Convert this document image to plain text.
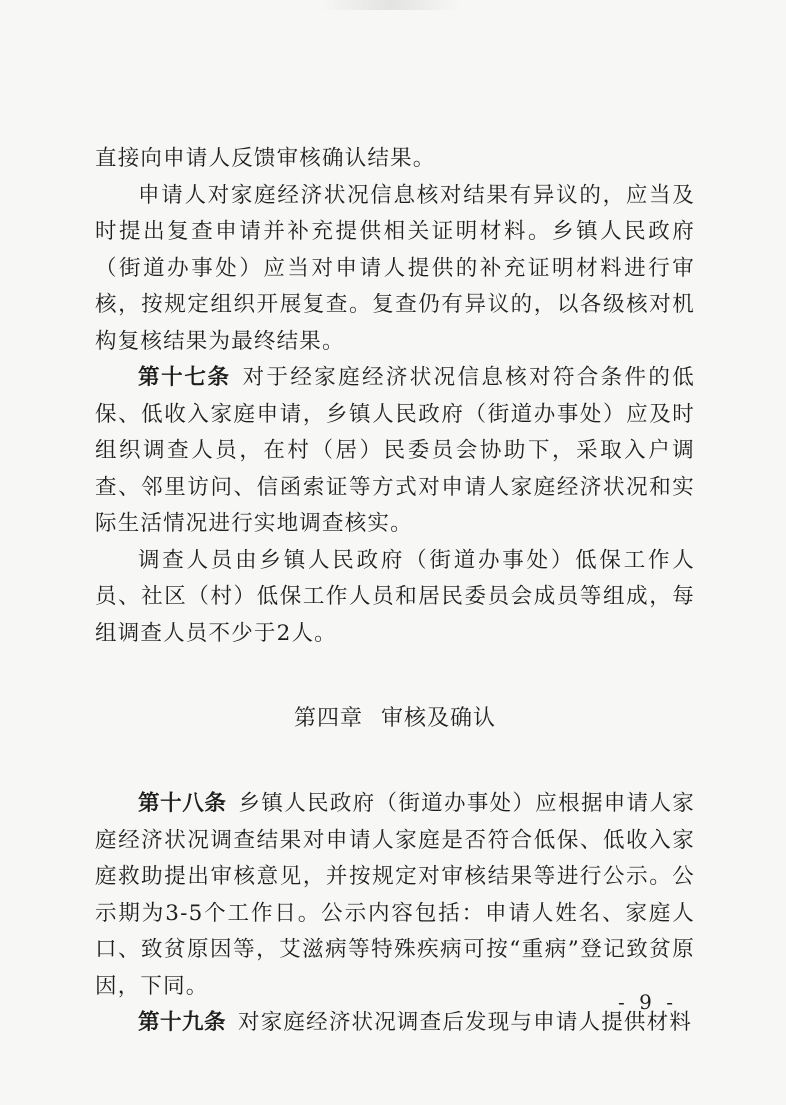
直接向申请人反馈审核确认结果。

申请人对家庭经济状况信息核对结果有异议的，应当及时提出复查申请并补充提供相关证明材料。乡镇人民政府（街道办事处）应当对申请人提供的补充证明材料进行审核，按规定组织开展复查。复查仍有异议的，以各级核对机构复核结果为最终结果。

第十七条 对于经家庭经济状况信息核对符合条件的低保、低收入家庭申请，乡镇人民政府（街道办事处）应及时组织调查人员，在村（居）民委员会协助下，采取入户调查、邻里访问、信函索证等方式对申请人家庭经济状况和实际生活情况进行实地调查核实。

调查人员由乡镇人民政府（街道办事处）低保工作人员、社区（村）低保工作人员和居民委员会成员等组成，每组调查人员不少于2人。

第四章 审核及确认

第十八条 乡镇人民政府（街道办事处）应根据申请人家庭经济状况调查结果对申请人家庭是否符合低保、低收入家庭救助提出审核意见，并按规定对审核结果等进行公示。公示期为3-5个工作日。公示内容包括：申请人姓名、家庭人口、致贫原因等，艾滋病等特殊疾病可按“重病”登记致贫原因，下同。

第十九条 对家庭经济状况调查后发现与申请人提供材料

- 9 -
